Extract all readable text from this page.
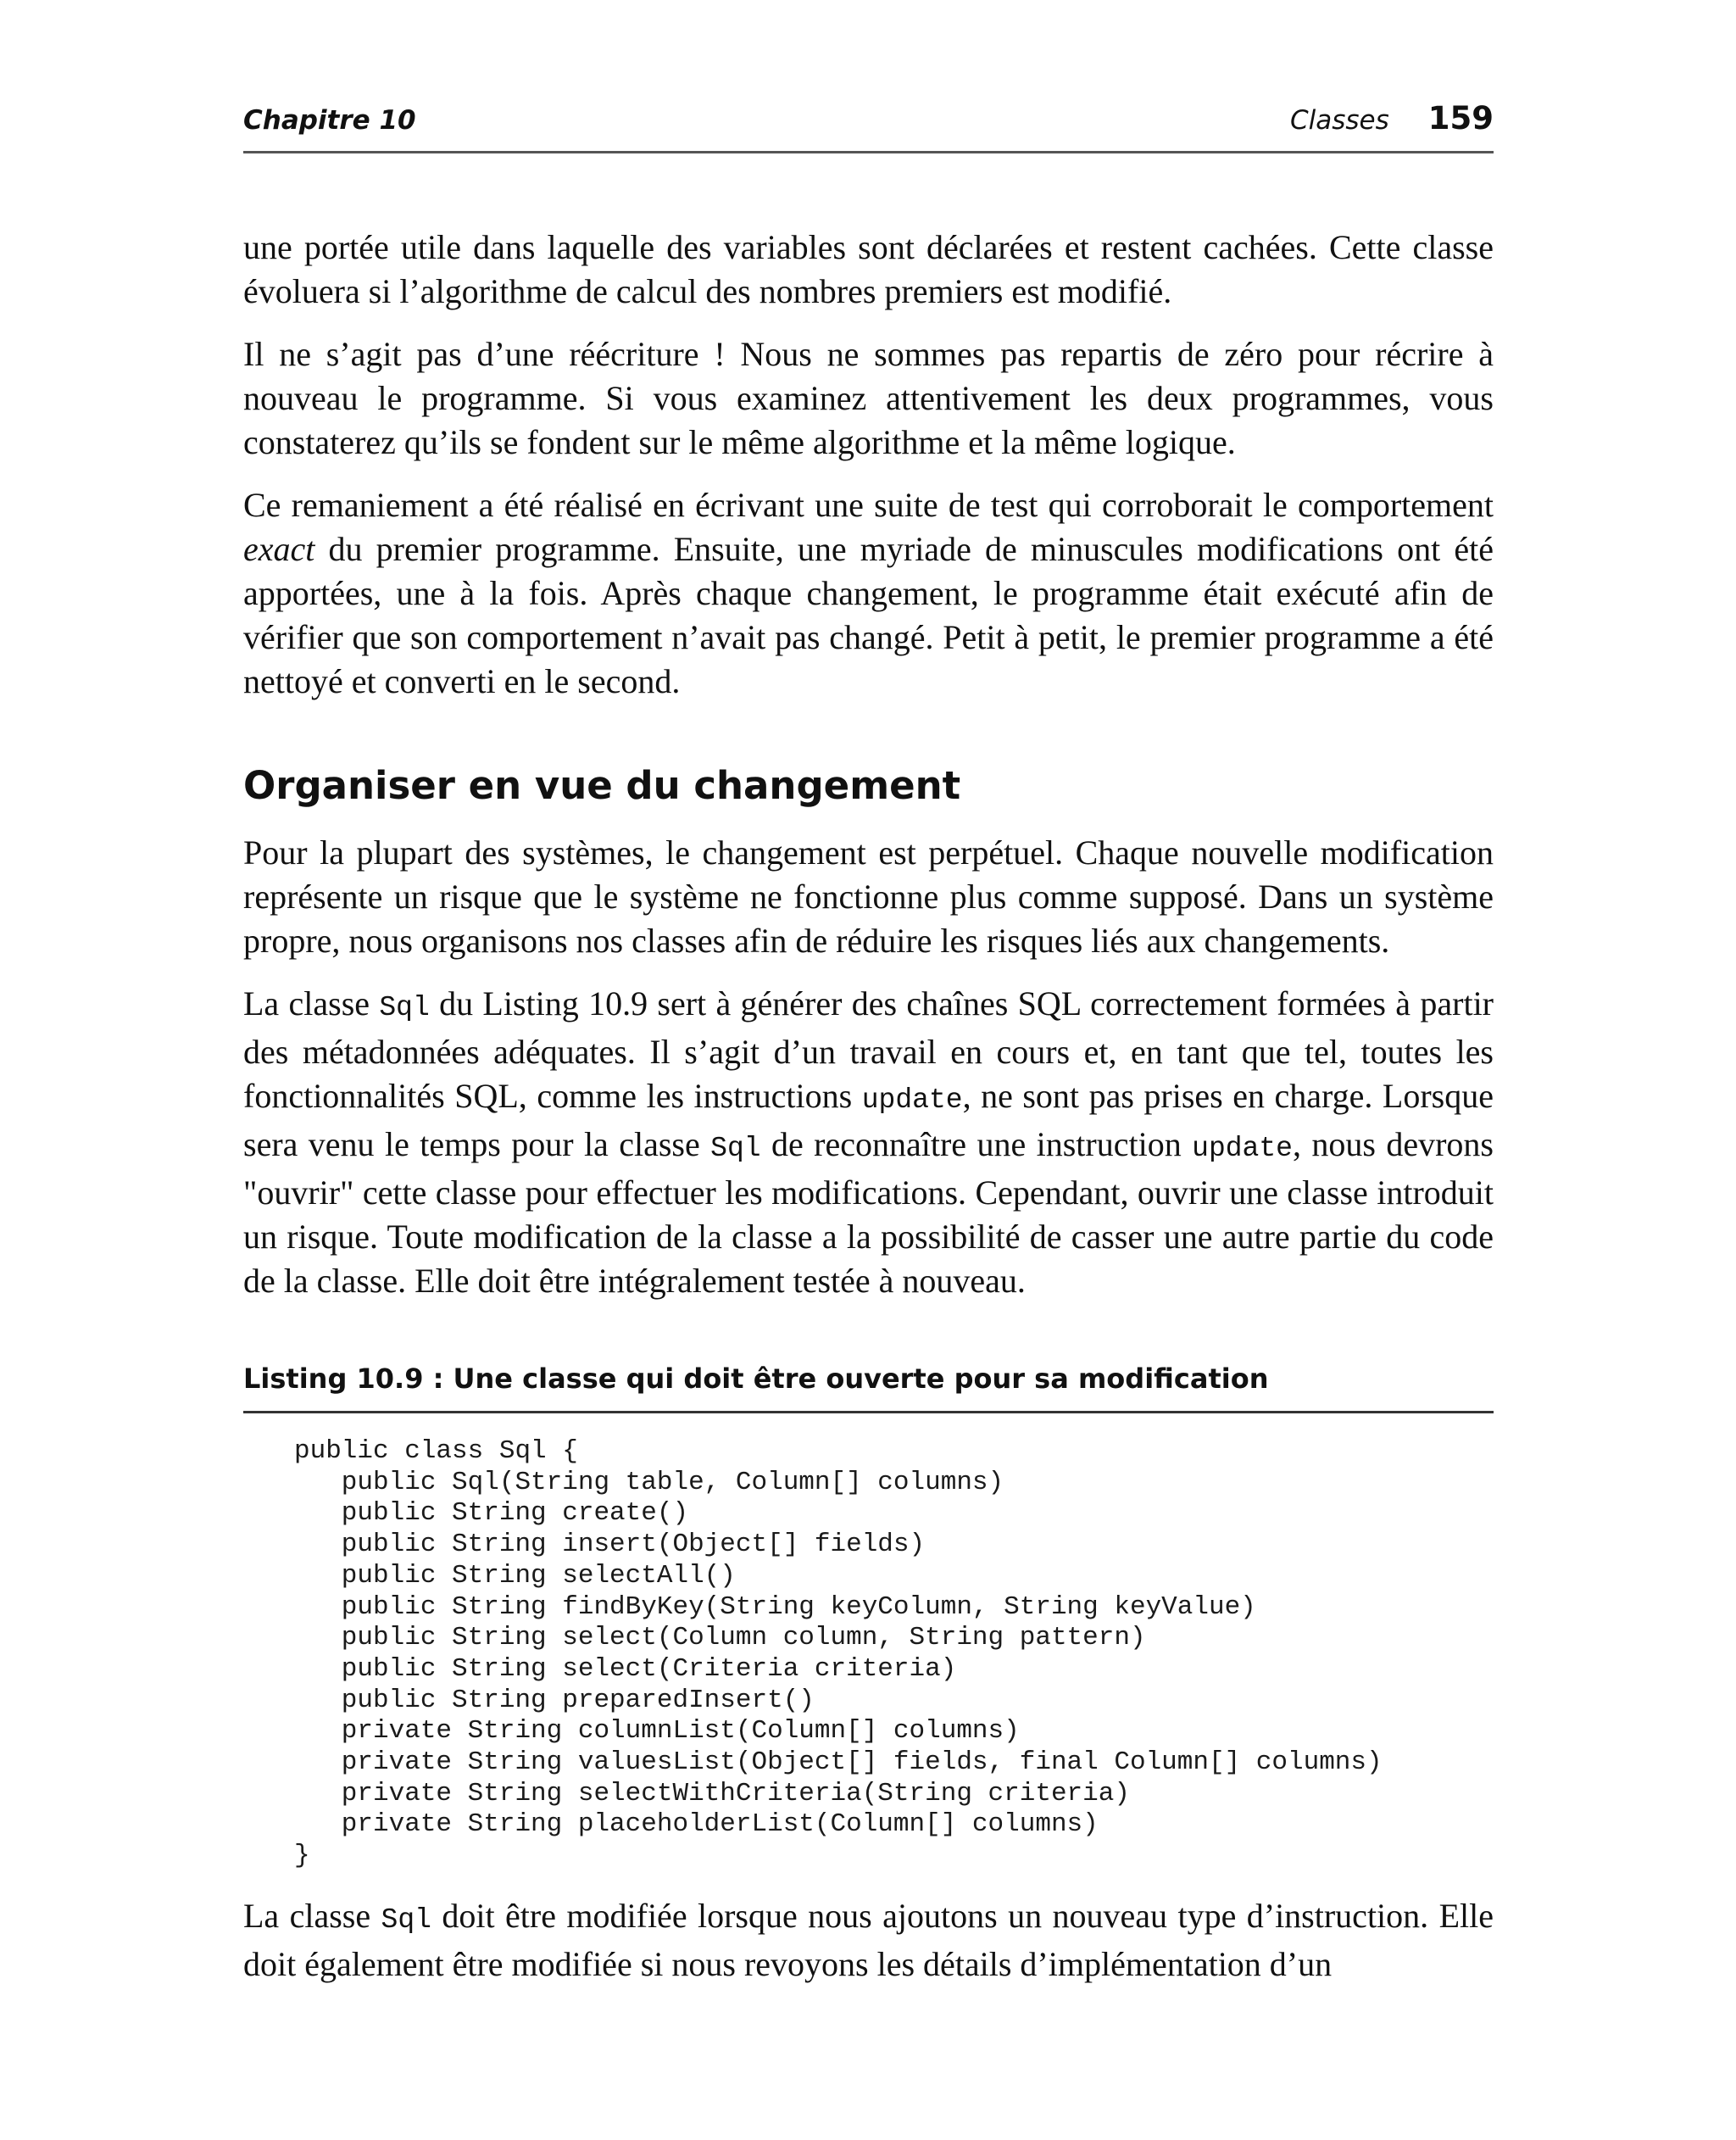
Chapitre 10	Classes 159

une portée utile dans laquelle des variables sont déclarées et restent cachées. Cette classe évoluera si l’algorithme de calcul des nombres premiers est modifié.

Il ne s’agit pas d’une réécriture ! Nous ne sommes pas repartis de zéro pour récrire à nouveau le programme. Si vous examinez attentivement les deux programmes, vous constaterez qu’ils se fondent sur le même algorithme et la même logique.

Ce remaniement a été réalisé en écrivant une suite de test qui corroborait le comportement exact du premier programme. Ensuite, une myriade de minuscules modifications ont été apportées, une à la fois. Après chaque changement, le programme était exécuté afin de vérifier que son comportement n’avait pas changé. Petit à petit, le premier programme a été nettoyé et converti en le second.

Organiser en vue du changement

Pour la plupart des systèmes, le changement est perpétuel. Chaque nouvelle modification représente un risque que le système ne fonctionne plus comme supposé. Dans un système propre, nous organisons nos classes afin de réduire les risques liés aux changements.

La classe Sql du Listing 10.9 sert à générer des chaînes SQL correctement formées à partir des métadonnées adéquates. Il s’agit d’un travail en cours et, en tant que tel, toutes les fonctionnalités SQL, comme les instructions update, ne sont pas prises en charge. Lorsque sera venu le temps pour la classe Sql de reconnaître une instruction update, nous devrons "ouvrir" cette classe pour effectuer les modifications. Cependant, ouvrir une classe introduit un risque. Toute modification de la classe a la possibilité de casser une autre partie du code de la classe. Elle doit être intégralement testée à nouveau.

Listing 10.9 : Une classe qui doit être ouverte pour sa modification

public class Sql {
public Sql(String table, Column[] columns)
public String create()
public String insert(Object[] fields)
public String selectAll()
public String findByKey(String keyColumn, String keyValue)
public String select(Column column, String pattern)
public String select(Criteria criteria)
public String preparedInsert()
private String columnList(Column[] columns)
private String valuesList(Object[] fields, final Column[] columns)
private String selectWithCriteria(String criteria)
private String placeholderList(Column[] columns)
}

La classe Sql doit être modifiée lorsque nous ajoutons un nouveau type d’instruction. Elle doit également être modifiée si nous revoyons les détails d’implémentation d’un
